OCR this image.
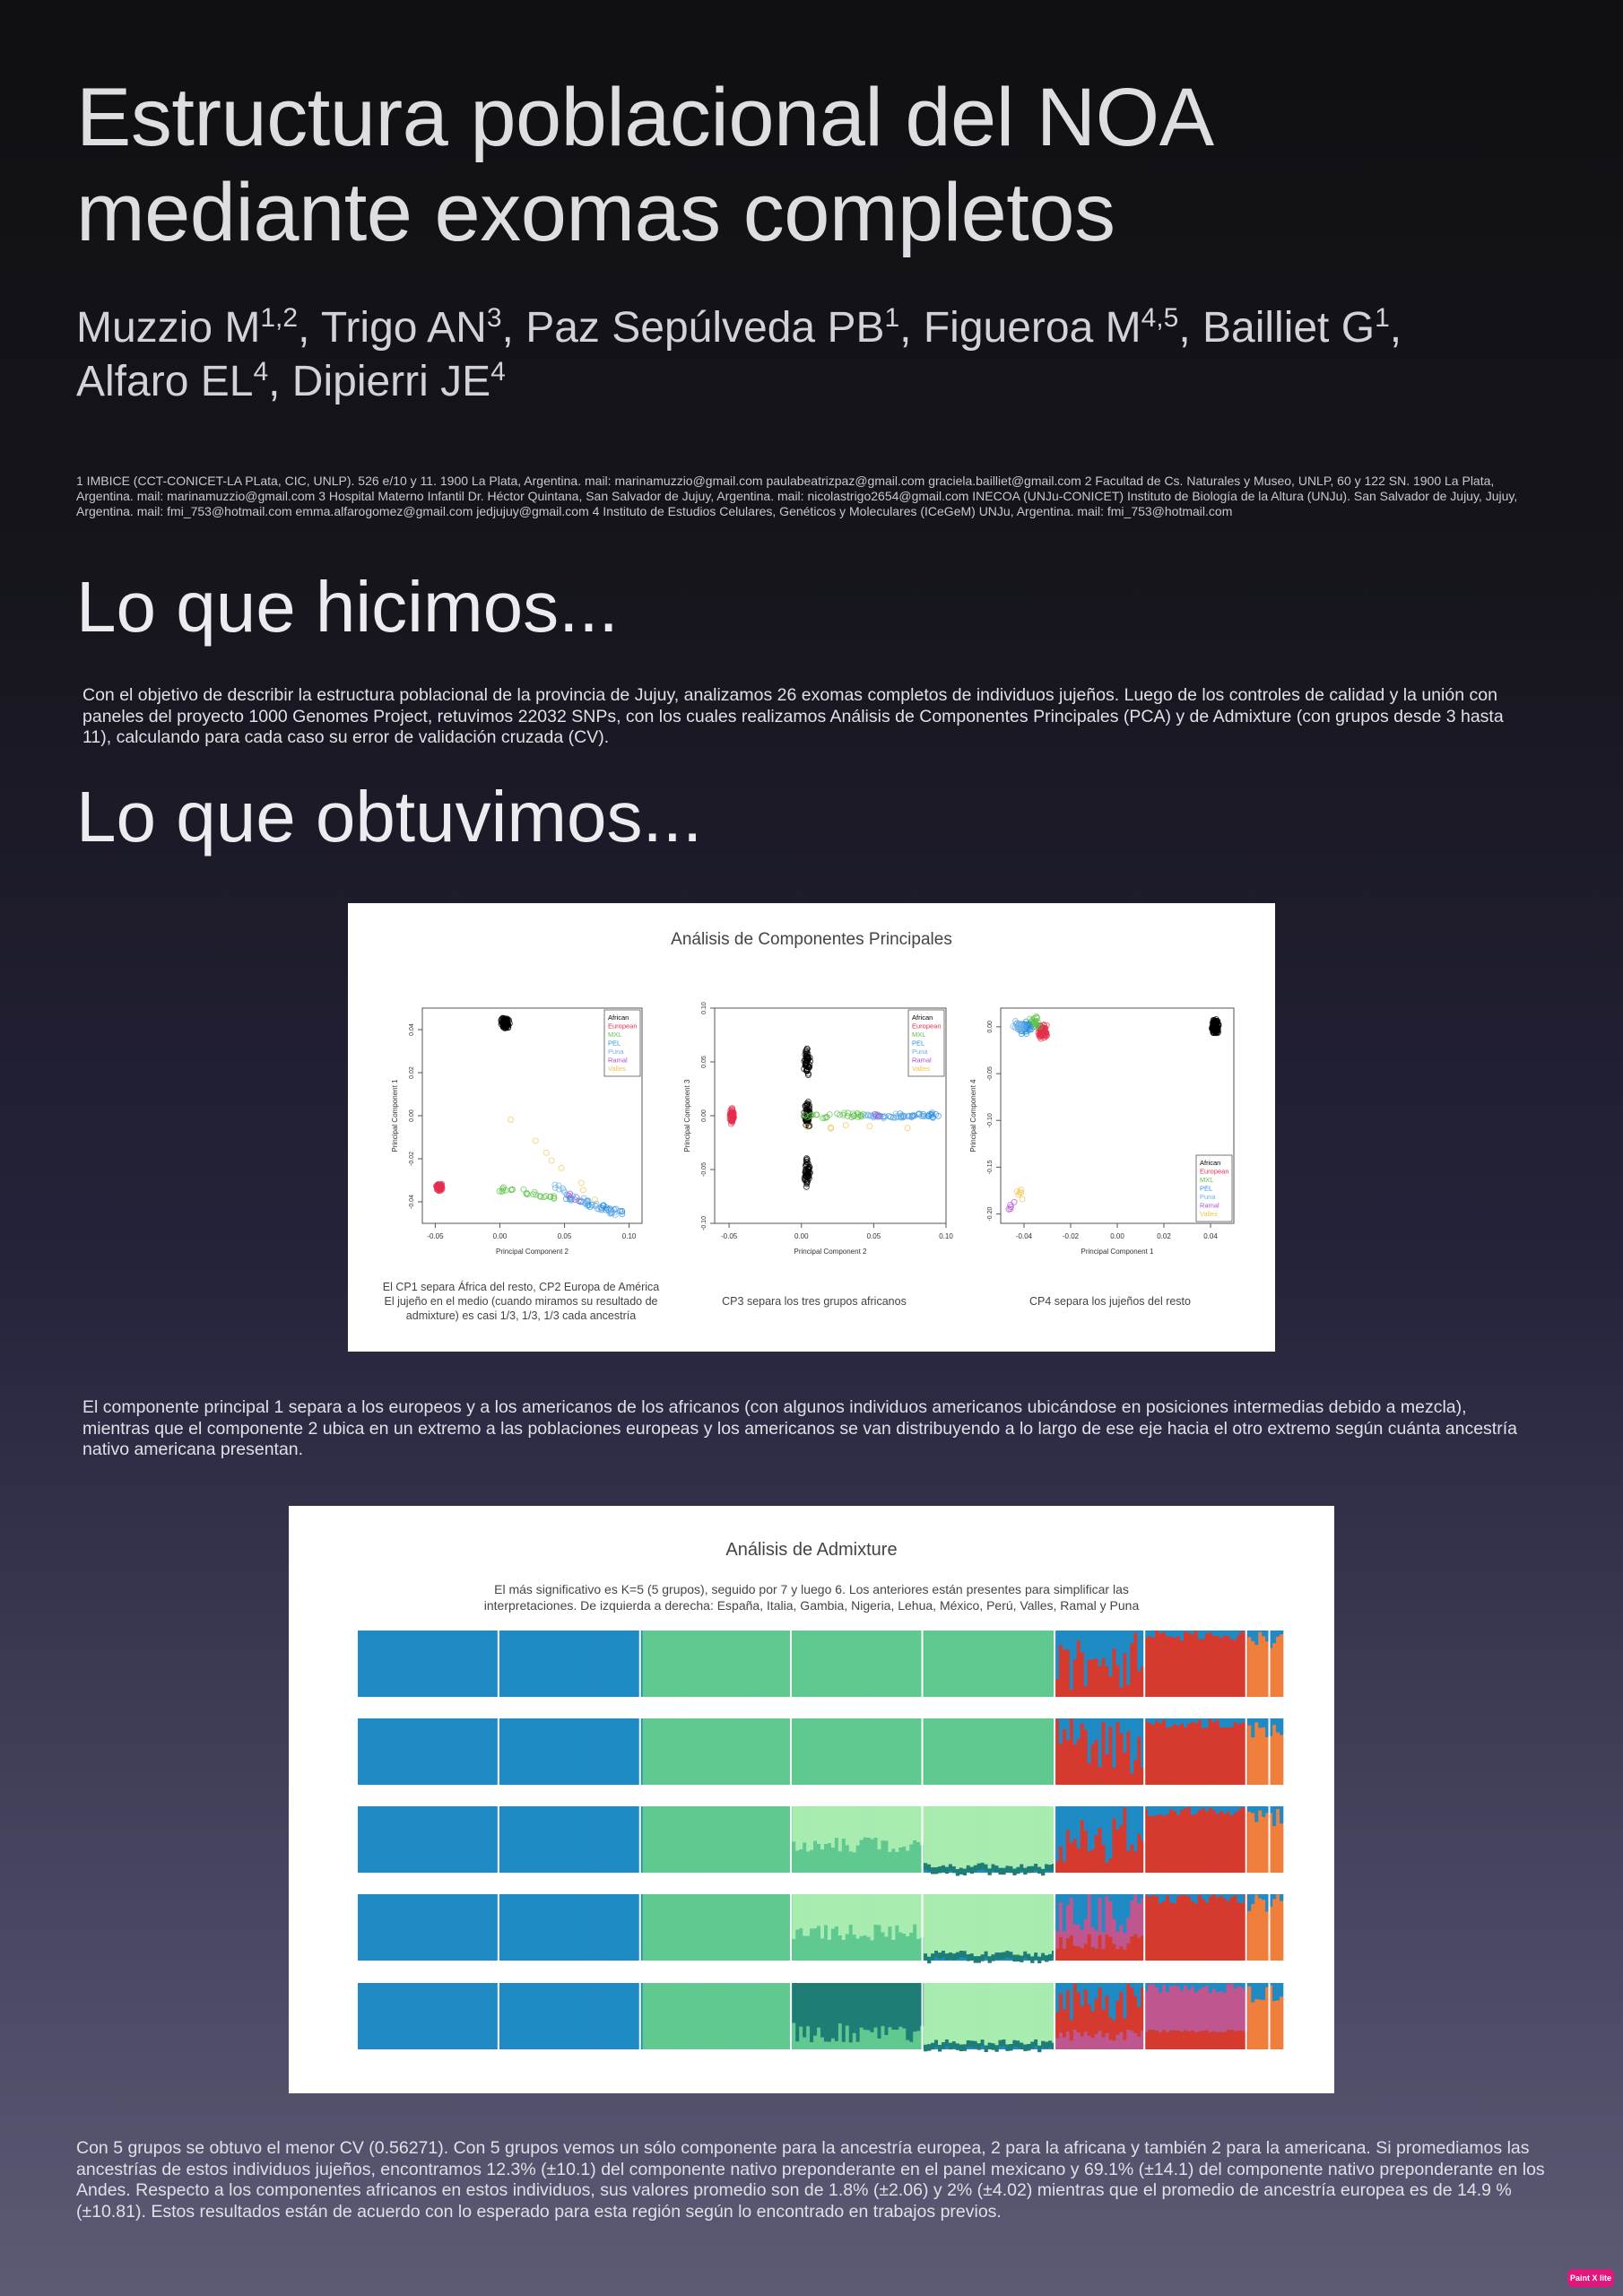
Estructura poblacional del NOA
mediante exomas completos
Muzzio M$^{1,2}$, Trigo $AN^3$, Paz Sepúlveda $PB^1$, Figueroa M$^{4,5}$, Bailliet $G^1$,
Alfaro $EL^4$, Dipierri $JE^4$
1 IMBICE (CCT-CONICET-LA PLata, CIC, UNLP). 526 e/10 y 11. 1900 La Plata, Argentina. mail: marinamuzzio@gmail.com paulabeatrizpaz@gmail.com graciela.bailliet@gmail.com 2 Facultad de Cs. Naturales y Museo, UNLP, 60 y 122 SN. 1900 La Plata, Argentina. mail: marinamuzzio@gmail.com 3 Hospital Materno Infantil Dr. Héctor Quintana, San Salvador de Jujuy, Argentina. mail: nicolastrigo2654@gmail.com INECOA (UNJu-CONICET) Instituto de Biología de la Altura (UNJu). San Salvador de Jujuy, Jujuy, Argentina. mail: fmi_753@hotmail.com emma.alfarogomez@gmail.com jedjujuy@gmail.com 4 Instituto de Estudios Celulares, Genéticos y Moleculares (ICeGeM) UNJu, Argentina. mail: fmi_753@hotmail.com
Lo que hicimos...
Con el objetivo de describir la estructura poblacional de la provincia de Jujuy, analizamos 26 exomas completos de individuos jujeños. Luego de los controles de calidad y la unión con paneles del proyecto 1000 Genomes Project, retuvimos 22032 SNPs, con los cuales realizamos Análisis de Componentes Principales (PCA) y de Admixture (con grupos desde 3 hasta 11), calculando para cada caso su error de validación cruzada (CV).
Lo que obtuvimos...
Análisis de Componentes Principales
-0.05	0.00	0.05	0.10
-0.04
-0.02
0.00
0.02
0.04
Principal Component 2
Principal Component 1
African
European
MXL
PEL
Puna
Ramal
Valles
-0.05	0.00	0.05	0.10
-0.10
-0.05
0.00
0.05
0.10
Principal Component 2
Principal Component 3
African
European
MXL
PEL
Puna
Ramal
Valles
-0.04	-0.02	0.00	0.02	0.04
-0.20
-0.15
-0.10
-0.05
0.00
Principal Component 1
Principal Component 4
African
European
MXL
PEL
Puna
Ramal
Valles
El CP1 separa África del resto, CP2 Europa de América
El jujeño en el medio (cuando miramos su resultado de
admixture) es casi 1/3, 1/3, 1/3 cada ancestría
CP3 separa los tres grupos africanos	CP4 separa los jujeños del resto
El componente principal 1 separa a los europeos y a los americanos de los africanos (con algunos individuos americanos ubicándose en posiciones intermedias debido a mezcla), mientras que el componente 2 ubica en un extremo a las poblaciones europeas y los americanos se van distribuyendo a lo largo de ese eje hacia el otro extremo según cuánta ancestría nativo americana presentan.
Análisis de Admixture
El más significativo es K=5 (5 grupos), seguido por 7 y luego 6. Los anteriores están presentes para simplificar las
interpretaciones. De izquierda a derecha: España, Italia, Gambia, Nigeria, Lehua, México, Perú, Valles, Ramal y Puna
Con 5 grupos se obtuvo el menor CV (0.56271). Con 5 grupos vemos un sólo componente para la ancestría europea, 2 para la africana y también 2 para la americana. Si promediamos las ancestrías de estos individuos jujeños, encontramos 12.3% (±10.1) del componente nativo preponderante en el panel mexicano y 69.1% (±14.1) del componente nativo preponderante en los Andes. Respecto a los componentes africanos en estos individuos, sus valores promedio son de 1.8% (±2.06) y 2% (±4.02) mientras que el promedio de ancestría europea es de 14.9 % (±10.81). Estos resultados están de acuerdo con lo esperado para esta región según lo encontrado en trabajos previos.
Paint X lite
